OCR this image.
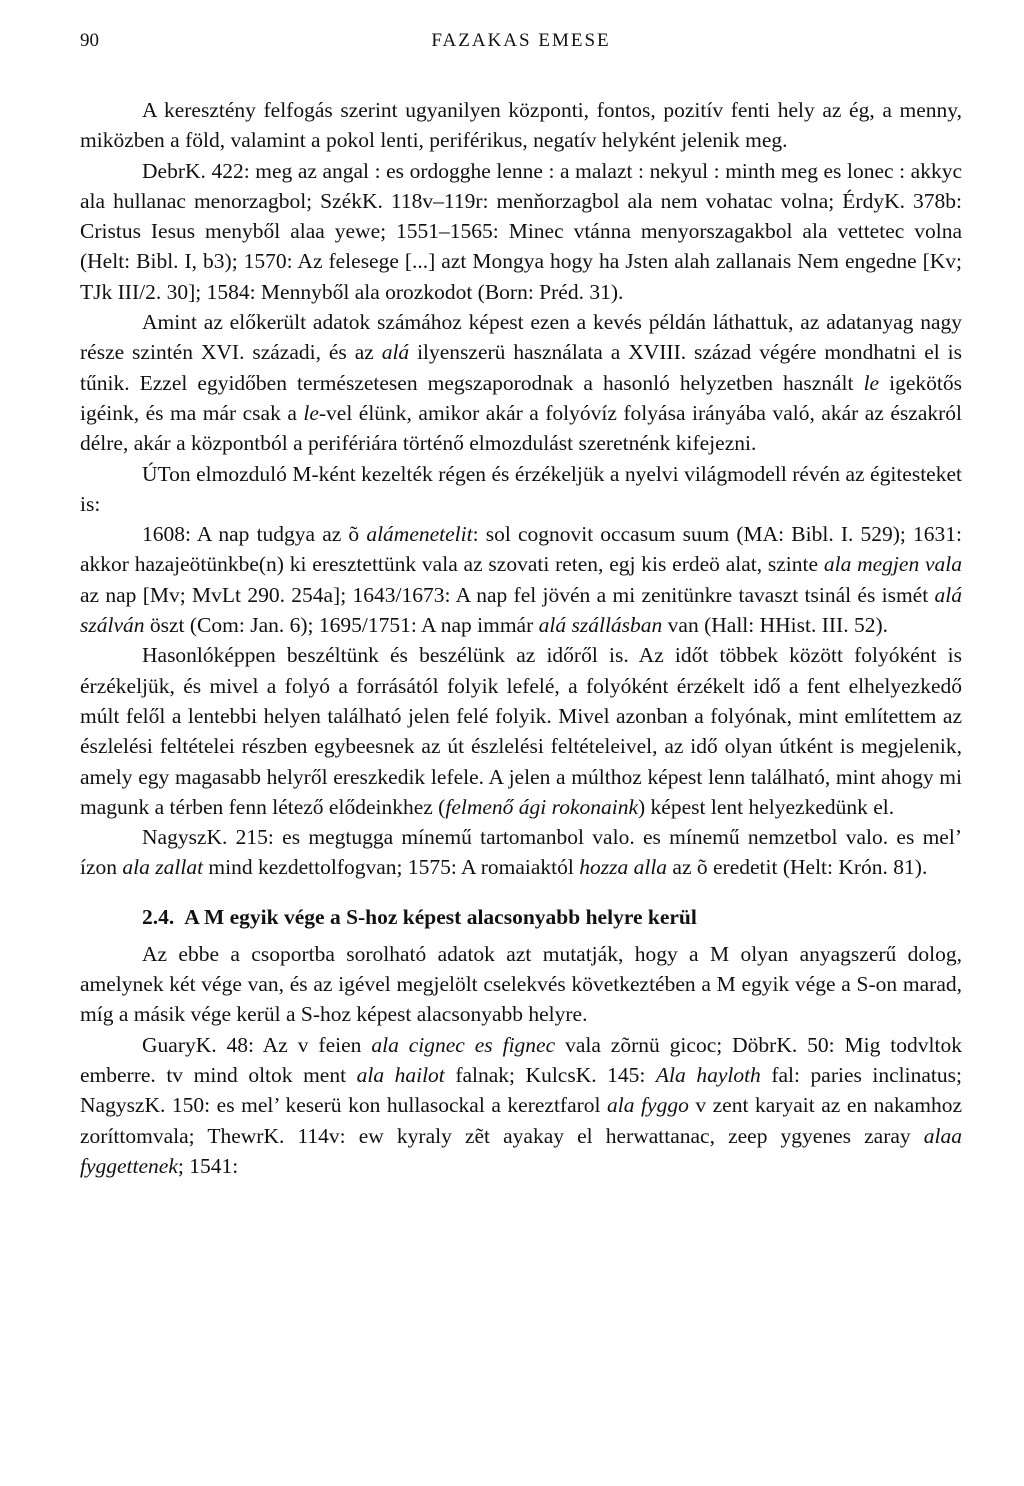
90	FAZAKAS EMESE

A keresztény felfogás szerint ugyanilyen központi, fontos, pozitív fenti hely az ég, a menny, miközben a föld, valamint a pokol lenti, periférikus, negatív helyként jelenik meg.

DebrK. 422: meg az angal : es ordogghe lenne : a malazt : nekyul : minth meg es lonec : akkyc ala hullanac menorzagbol; SzékK. 118v–119r: menňorzagbol ala nem vohatac volna; ÉrdyK. 378b: Cristus Iesus menyből alaa yewe; 1551–1565: Minec vtánna menyorszagakbol ala vettetec volna (Helt: Bibl. I, b3); 1570: Az felesege [...] azt Mongya hogy ha Jsten alah zallanais Nem engedne [Kv; TJk III/2. 30]; 1584: Mennyből ala orozkodot (Born: Préd. 31).

Amint az előkerült adatok számához képest ezen a kevés példán láthattuk, az adatanyag nagy része szintén XVI. századi, és az alá ilyenszerü használata a XVIII. század végére mondhatni el is tűnik. Ezzel egyidőben természetesen megszaporodnak a hasonló helyzetben használt le igekötős igéink, és ma már csak a le-vel élünk, amikor akár a folyóvíz folyása irányába való, akár az északról délre, akár a központból a perifériára történő elmozdulást szeretnénk kifejezni.

ÚTon elmozduló M-ként kezelték régen és érzékeljük a nyelvi világmodell révén az égitesteket is:

1608: A nap tudgya az õ alámenetelit: sol cognovit occasum suum (MA: Bibl. I. 529); 1631: akkor hazajeötünkbe(n) ki eresztettünk vala az szovati reten, egj kis erdeö alat, szinte ala megjen vala az nap [Mv; MvLt 290. 254a]; 1643/1673: A nap fel jövén a mi zenitünkre tavaszt tsinál és ismét alá szálván öszt (Com: Jan. 6); 1695/1751: A nap immár alá szállásban van (Hall: HHist. III. 52).

Hasonlóképpen beszéltünk és beszélünk az időről is. Az időt többek között folyóként is érzékeljük, és mivel a folyó a forrásától folyik lefelé, a folyóként érzékelt idő a fent elhelyezkedő múlt felől a lentebbi helyen található jelen felé folyik. Mivel azonban a folyónak, mint említettem az észlelési feltételei részben egybeesnek az út észlelési feltételeivel, az idő olyan útként is megjelenik, amely egy magasabb helyről ereszkedik lefele. A jelen a múlthoz képest lenn található, mint ahogy mi magunk a térben fenn létező elődeinkhez (felmenő ági rokonaink) képest lent helyezkedünk el.

NagyszK. 215: es megtugga mínemű tartomanbol valo. es mínemű nemzetbol valo. es mel’ ízon ala zallat mind kezdettolfogvan; 1575: A romaiaktól hozza alla az õ eredetit (Helt: Krón. 81).

2.4. A M egyik vége a S-hoz képest alacsonyabb helyre kerül

Az ebbe a csoportba sorolható adatok azt mutatják, hogy a M olyan anyagszerű dolog, amelynek két vége van, és az igével megjelölt cselekvés következtében a M egyik vége a S-on marad, míg a másik vége kerül a S-hoz képest alacsonyabb helyre.

GuaryK. 48: Az v feien ala cignec es fignec vala zõrnü gicoc; DöbrK. 50: Mig todvltok emberre. tv mind oltok ment ala hailot falnak; KulcsK. 145: Ala hayloth fal: paries inclinatus; NagyszK. 150: es mel’ keserü kon hullasockal a kereztfarol ala fyggo v zent karyait az en nakamhoz zoríttomvala; ThewrK. 114v: ew kyraly zẽt ayakay el herwattanac, zeep ygyenes zaray alaa fyggettenek; 1541:
